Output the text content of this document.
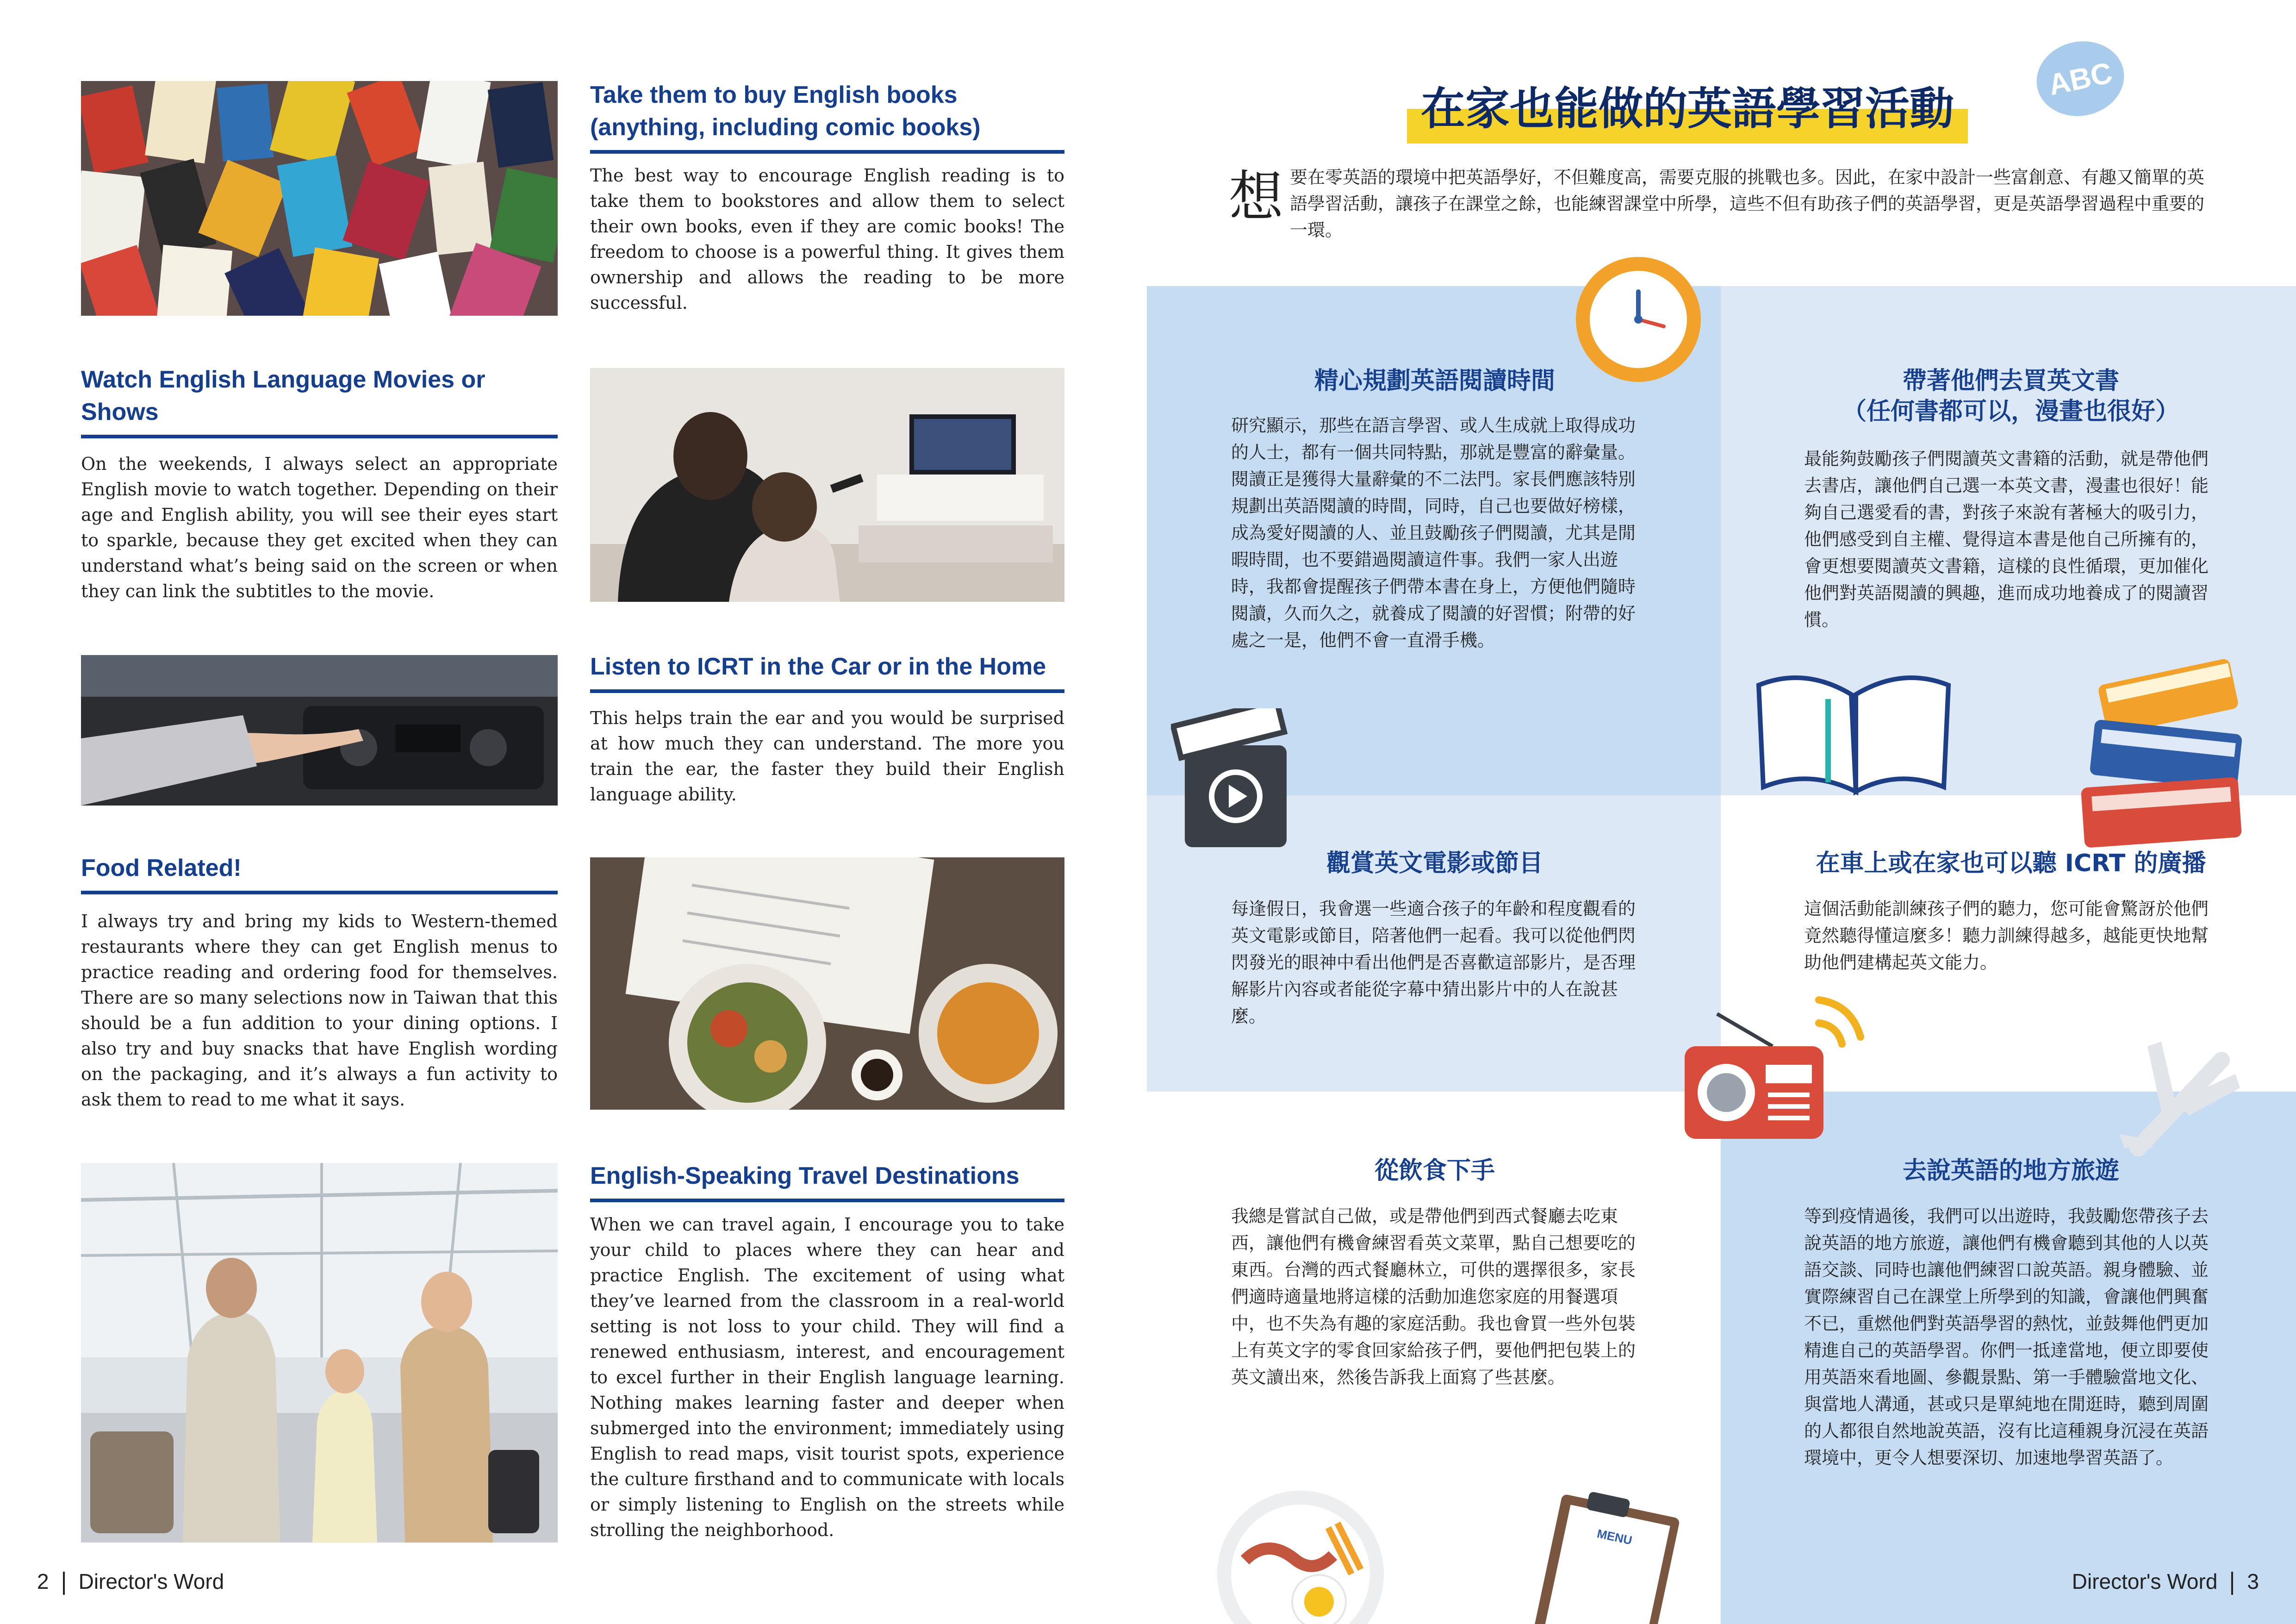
Take them to buy English books (anything, including comic books)
The best way to encourage English reading is to take them to bookstores and allow them to select their own books, even if they are comic books! The freedom to choose is a powerful thing. It gives them ownership and allows the reading to be more successful.
Watch English Language Movies or Shows
On the weekends, I always select an appropriate English movie to watch together. Depending on their age and English ability, you will see their eyes start to sparkle, because they get excited when they can understand what’s being said on the screen or when they can link the subtitles to the movie.
Listen to ICRT in the Car or in the Home
This helps train the ear and you would be surprised at how much they can understand. The more you train the ear, the faster they build their English language ability.
Food Related!
I always try and bring my kids to Western-themed restaurants where they can get English menus to practice reading and ordering food for themselves. There are so many selections now in Taiwan that this should be a fun addition to your dining options. I also try and buy snacks that have English wording on the packaging, and it’s always a fun activity to ask them to read to me what it says.
English-Speaking Travel Destinations
When we can travel again, I encourage you to take your child to places where they can hear and practice English. The excitement of using what they’ve learned from the classroom in a real-world setting is not loss to your child. They will find a renewed enthusiasm, interest, and encouragement to excel further in their English language learning. Nothing makes learning faster and deeper when submerged into the environment; immediately using English to read maps, visit tourist spots, experience the culture firsthand and to communicate with locals or simply listening to English on the streets while strolling the neighborhood.
2 Director's Word
在家也能做的英語學習活動
ABC
想要在零英語的環境中把英語學好，不但難度高，需要克服的挑戰也多。因此，在家中設計一些富創意、有趣又簡單的英語學習活動，讓孩子在課堂之餘，也能練習課堂中所學，這些不但有助孩子們的英語學習，更是英語學習過程中重要的一環。
精心規劃英語閱讀時間
研究顯示，那些在語言學習、或人生成就上取得成功的人士，都有一個共同特點，那就是豐富的辭彙量。閱讀正是獲得大量辭彙的不二法門。家長們應該特別規劃出英語閱讀的時間，同時，自己也要做好榜樣，成為愛好閱讀的人、並且鼓勵孩子們閱讀，尤其是閒暇時間，也不要錯過閱讀這件事。我們一家人出遊時，我都會提醒孩子們帶本書在身上，方便他們隨時閱讀，久而久之，就養成了閱讀的好習慣；附帶的好處之一是，他們不會一直滑手機。
帶著他們去買英文書
（任何書都可以，漫畫也很好）
最能夠鼓勵孩子們閱讀英文書籍的活動，就是帶他們去書店，讓他們自己選一本英文書，漫畫也很好！能夠自己選愛看的書，對孩子來說有著極大的吸引力，他們感受到自主權、覺得這本書是他自己所擁有的，會更想要閱讀英文書籍，這樣的良性循環，更加催化他們對英語閱讀的興趣，進而成功地養成了的閱讀習慣。
觀賞英文電影或節目
每逢假日，我會選一些適合孩子的年齡和程度觀看的英文電影或節目，陪著他們一起看。我可以從他們閃閃發光的眼神中看出他們是否喜歡這部影片，是否理解影片內容或者能從字幕中猜出影片中的人在說甚麼。
在車上或在家也可以聽 ICRT 的廣播
這個活動能訓練孩子們的聽力，您可能會驚訝於他們竟然聽得懂這麼多！聽力訓練得越多，越能更快地幫助他們建構起英文能力。
從飲食下手
我總是嘗試自己做，或是帶他們到西式餐廳去吃東西，讓他們有機會練習看英文菜單，點自己想要吃的東西。台灣的西式餐廳林立，可供的選擇很多，家長們適時適量地將這樣的活動加進您家庭的用餐選項中，也不失為有趣的家庭活動。我也會買一些外包裝上有英文字的零食回家給孩子們，要他們把包裝上的英文讀出來，然後告訴我上面寫了些甚麼。
去說英語的地方旅遊
等到疫情過後，我們可以出遊時，我鼓勵您帶孩子去說英語的地方旅遊，讓他們有機會聽到其他的人以英語交談、同時也讓他們練習口說英語。親身體驗、並實際練習自己在課堂上所學到的知識，會讓他們興奮不已，重燃他們對英語學習的熱忱，並鼓舞他們更加精進自己的英語學習。你們一抵達當地，便立即要使用英語來看地圖、參觀景點、第一手體驗當地文化、與當地人溝通，甚或只是單純地在閒逛時，聽到周圍的人都很自然地說英語，沒有比這種親身沉浸在英語環境中，更令人想要深切、加速地學習英語了。
MENU
Director's Word 3
